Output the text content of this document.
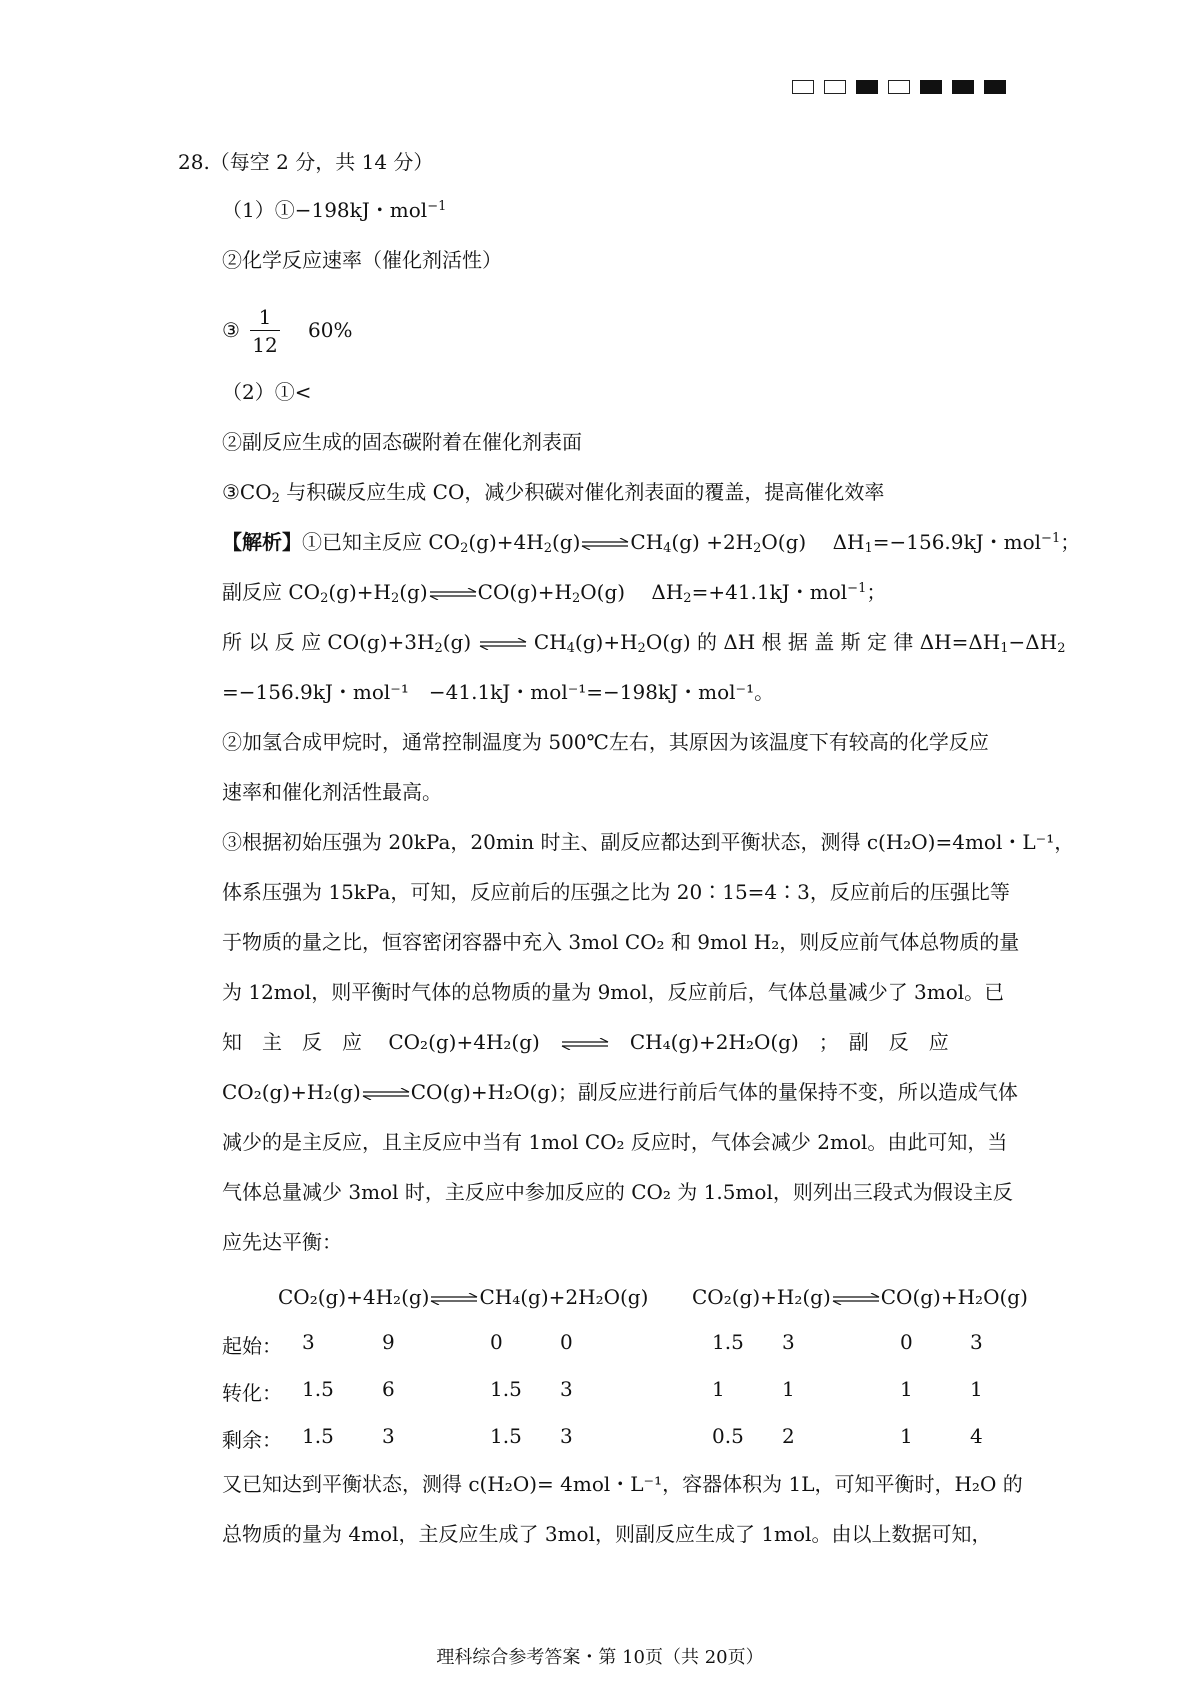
28.（每空 2 分，共 14 分）
（1）①−198kJ・mol$^{-1}$
②化学反应速率（催化剂活性）
③ $\frac{1}{12} 60\%$
（2）①<
②副反应生成的固态碳附着在催化剂表面
$③CO_2$ 与积碳反应生成 CO，减少积碳对催化剂表面的覆盖，提高催化效率
【解析】①已知主反应 $CO_2(g)+4H_2(g)\rightleftharpoons CH_4(g) +2H_2O(g)$　 $\Delta H_1=-156.9kJ$・mol$^{-1}$；
副反应 $CO_2(g)+H_2(g)\rightleftharpoons CO(g)+H_2O(g)$　 $\Delta H_2=+41.1kJ$・mol$^{-1}$；
所 以 反 应 $CO(g)+3H_2(g)$ ⇌ $CH_4(g)+H_2O(g)$ 的 ΔH 根 据 盖 斯 定 律 $\Delta H=\Delta H_1-\Delta H_2$
=−156.9kJ・mol⁻¹　−41.1kJ・mol⁻¹=−198kJ・mol⁻¹。
②加氢合成甲烷时，通常控制温度为 500℃左右，其原因为该温度下有较高的化学反应
速率和催化剂活性最高。
③根据初始压强为 20kPa，20min 时主、副反应都达到平衡状态，测得 c(H₂O)=4mol・L⁻¹，
体系压强为 15kPa，可知，反应前后的压强之比为 20∶15=4∶3，反应前后的压强比等
于物质的量之比，恒容密闭容器中充入 3mol CO₂ 和 9mol H₂，则反应前气体总物质的量
为 12mol，则平衡时气体的总物质的量为 9mol，反应前后，气体总量减少了 3mol。已
知　主　反　应　 CO₂(g)+4H₂(g)　 ⇌　 CH₄(g)+2H₂O(g)　；　副　反　应
CO₂(g)+H₂(g)⇌CO(g)+H₂O(g)；副反应进行前后气体的量保持不变，所以造成气体
减少的是主反应，且主反应中当有 1mol CO₂ 反应时，气体会减少 2mol。由此可知，当
气体总量减少 3mol 时，主反应中参加反应的 CO₂ 为 1.5mol，则列出三段式为假设主反
应先达平衡：
CO₂(g)+4H₂(g)⇌CH₄(g)+2H₂O(g) CO₂(g)+H₂(g)⇌CO(g)+H₂O(g)
起始： 3	9	0	0	1.5 3	0	3
转化： 1.5 6	1.5 3	1	1	1	1
剩余： 1.5 3	1.5 3	0.5 2	1	4
又已知达到平衡状态，测得 c(H₂O)= 4mol・L⁻¹，容器体积为 1L，可知平衡时，H₂O 的
总物质的量为 4mol，主反应生成了 3mol，则副反应生成了 1mol。由以上数据可知，
理科综合参考答案・第 10页（共 20页）
